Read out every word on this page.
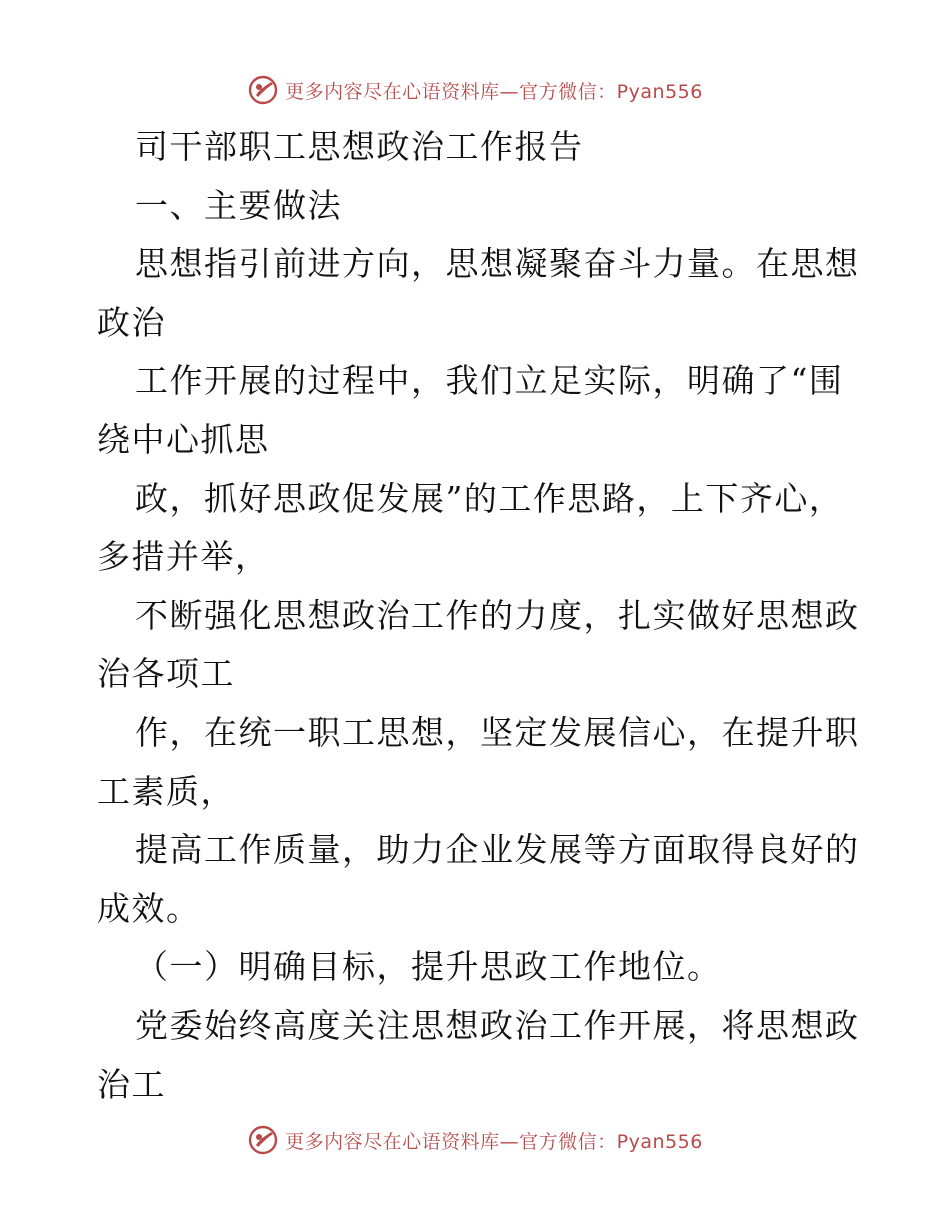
更多内容尽在心语资料库—官方微信：Pyan556
司干部职工思想政治工作报告
一、主要做法
思想指引前进方向，思想凝聚奋斗力量。在思想
政治
工作开展的过程中，我们立足实际，明确了“围
绕中心抓思
政，抓好思政促发展”的工作思路，上下齐心，
多措并举，
不断强化思想政治工作的力度，扎实做好思想政
治各项工
作，在统一职工思想，坚定发展信心，在提升职
工素质，
提高工作质量，助力企业发展等方面取得良好的
成效。
（一）明确目标，提升思政工作地位。
党委始终高度关注思想政治工作开展，将思想政
治工
更多内容尽在心语资料库—官方微信：Pyan556
